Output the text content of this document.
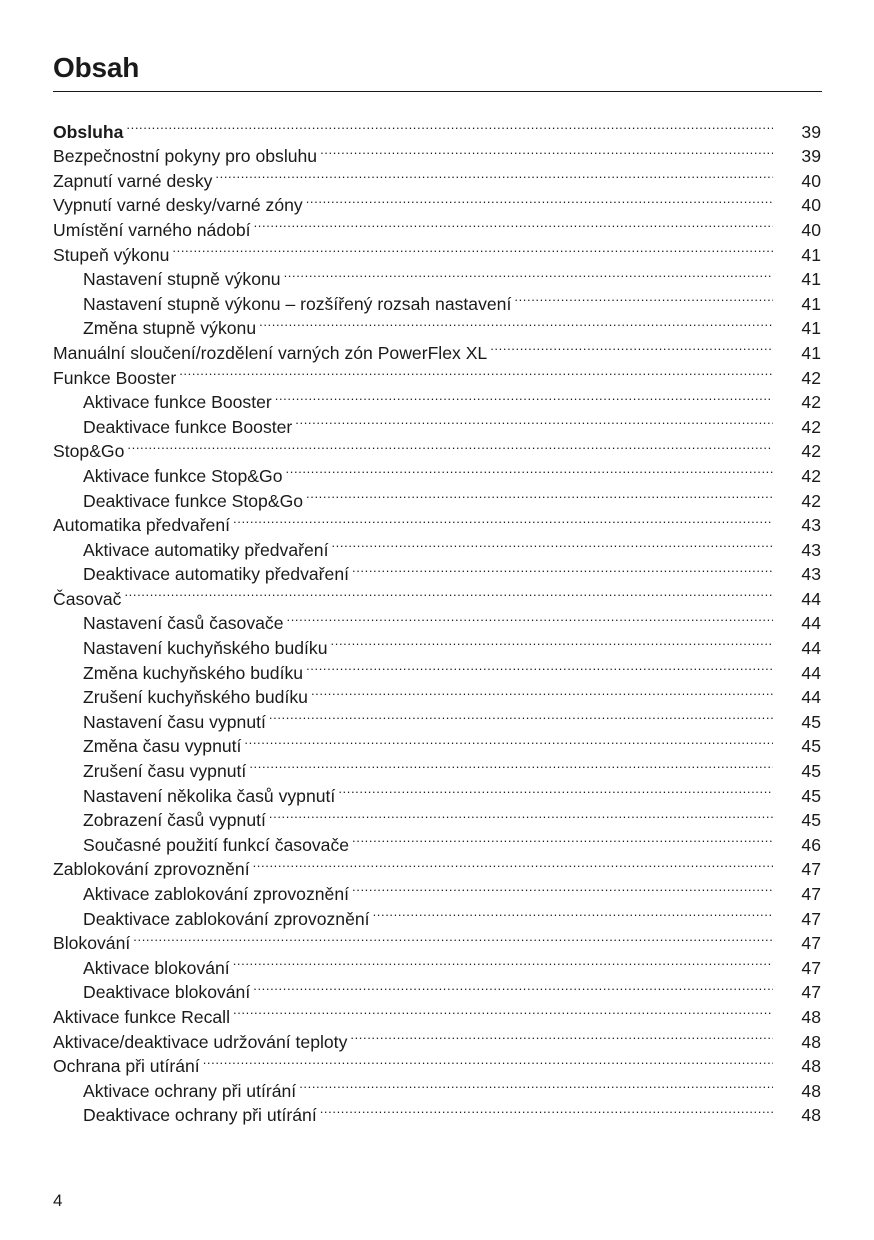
Obsah
Obsluha .....	39
Bezpečnostní pokyny pro obsluhu .....	39
Zapnutí varné desky .....	40
Vypnutí varné desky/varné zóny .....	40
Umístění varného nádobí .....	40
Stupeň výkonu .....	41
Nastavení stupně výkonu .....	41
Nastavení stupně výkonu – rozšířený rozsah nastavení .....	41
Změna stupně výkonu .....	41
Manuální sloučení/rozdělení varných zón PowerFlex XL .....	41
Funkce Booster .....	42
Aktivace funkce Booster .....	42
Deaktivace funkce Booster .....	42
Stop&Go .....	42
Aktivace funkce Stop&Go .....	42
Deaktivace funkce Stop&Go .....	42
Automatika předvaření .....	43
Aktivace automatiky předvaření .....	43
Deaktivace automatiky předvaření .....	43
Časovač .....	44
Nastavení časů časovače .....	44
Nastavení kuchyňského budíku .....	44
Změna kuchyňského budíku .....	44
Zrušení kuchyňského budíku .....	44
Nastavení času vypnutí .....	45
Změna času vypnutí .....	45
Zrušení času vypnutí .....	45
Nastavení několika časů vypnutí .....	45
Zobrazení časů vypnutí .....	45
Současné použití funkcí časovače .....	46
Zablokování zprovoznění .....	47
Aktivace zablokování zprovoznění .....	47
Deaktivace zablokování zprovoznění .....	47
Blokování .....	47
Aktivace blokování .....	47
Deaktivace blokování .....	47
Aktivace funkce Recall .....	48
Aktivace/deaktivace udržování teploty .....	48
Ochrana při utírání .....	48
Aktivace ochrany při utírání .....	48
Deaktivace ochrany při utírání .....	48
4
